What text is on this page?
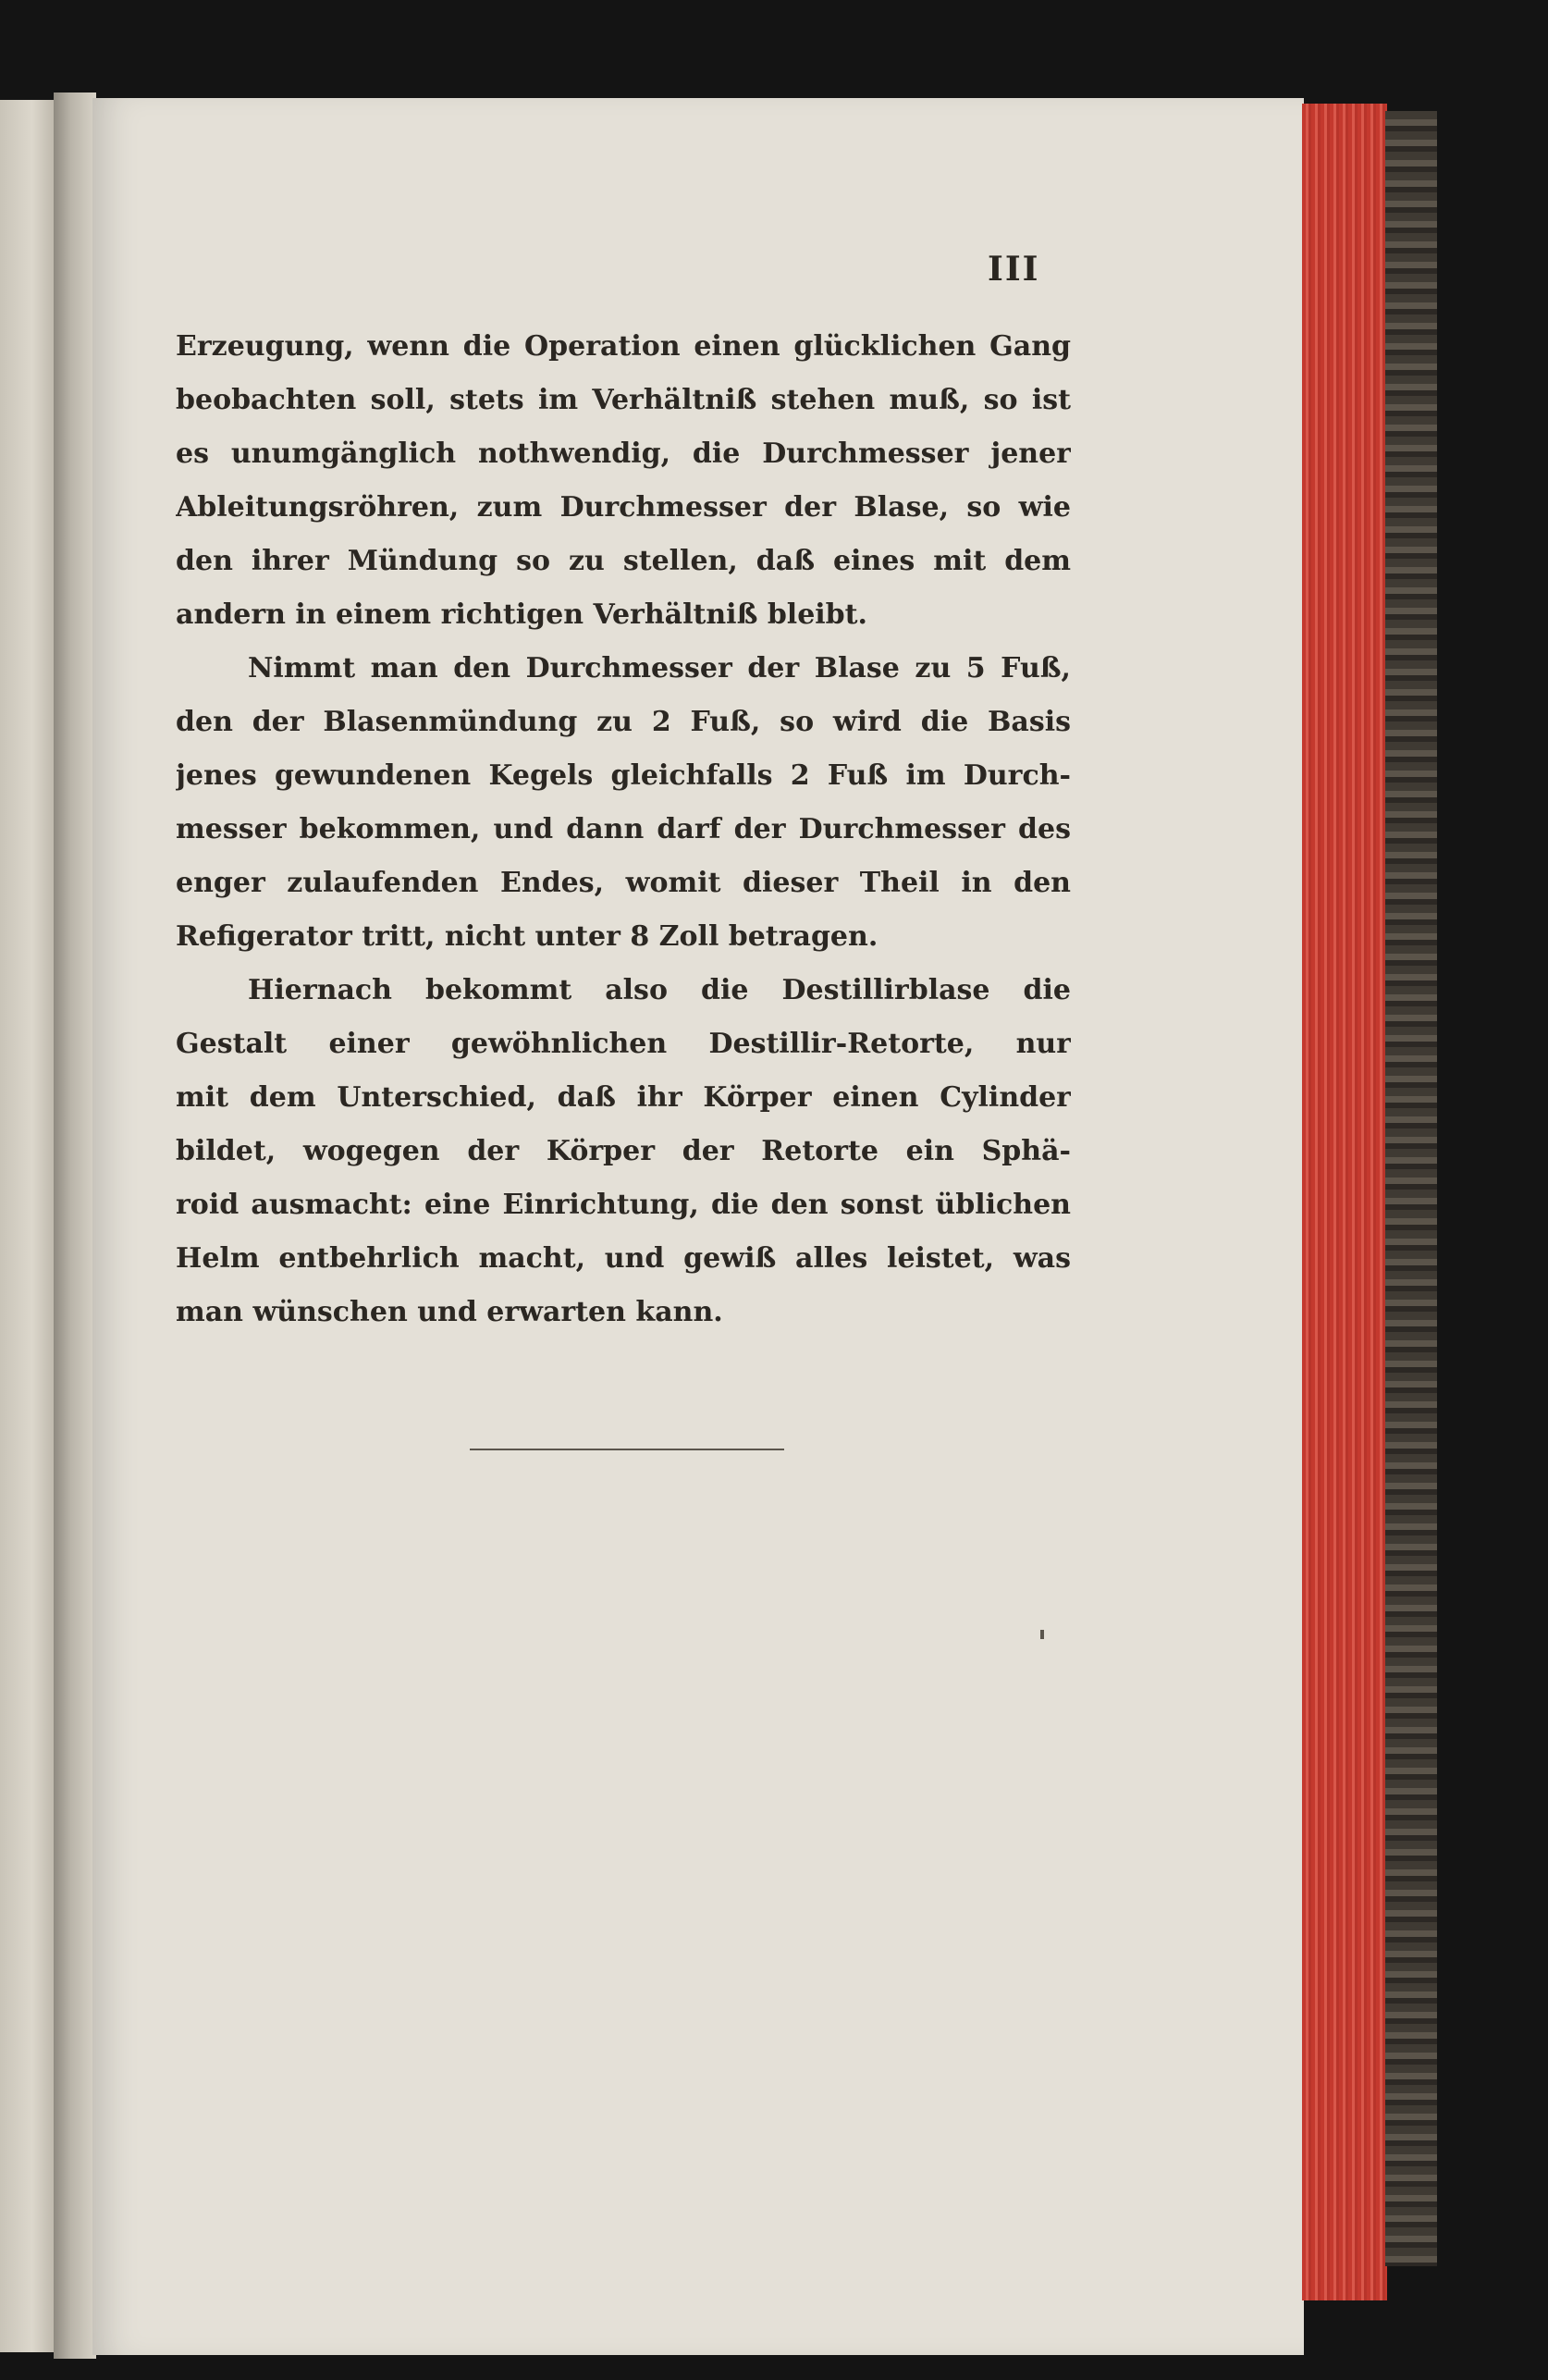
III
Erzeugung, wenn die Operation einen glücklichen Gang
beobachten soll, stets im Verhältniß stehen muß, so ist
es unumgänglich nothwendig, die Durchmesser jener
Ableitungsröhren, zum Durchmesser der Blase, so wie
den ihrer Mündung so zu stellen, daß eines mit dem
andern in einem richtigen Verhältniß bleibt.
Nimmt man den Durchmesser der Blase zu 5 Fuß,
den der Blasenmündung zu 2 Fuß, so wird die Basis
jenes gewundenen Kegels gleichfalls 2 Fuß im Durch-
messer bekommen, und dann darf der Durchmesser des
enger zulaufenden Endes, womit dieser Theil in den
Refigerator tritt, nicht unter 8 Zoll betragen.
Hiernach bekommt also die Destillirblase die
Gestalt einer gewöhnlichen Destillir-Retorte, nur
mit dem Unterschied, daß ihr Körper einen Cylinder
bildet, wogegen der Körper der Retorte ein Sphä-
roid ausmacht: eine Einrichtung, die den sonst üblichen
Helm entbehrlich macht, und gewiß alles leistet, was
man wünschen und erwarten kann.
